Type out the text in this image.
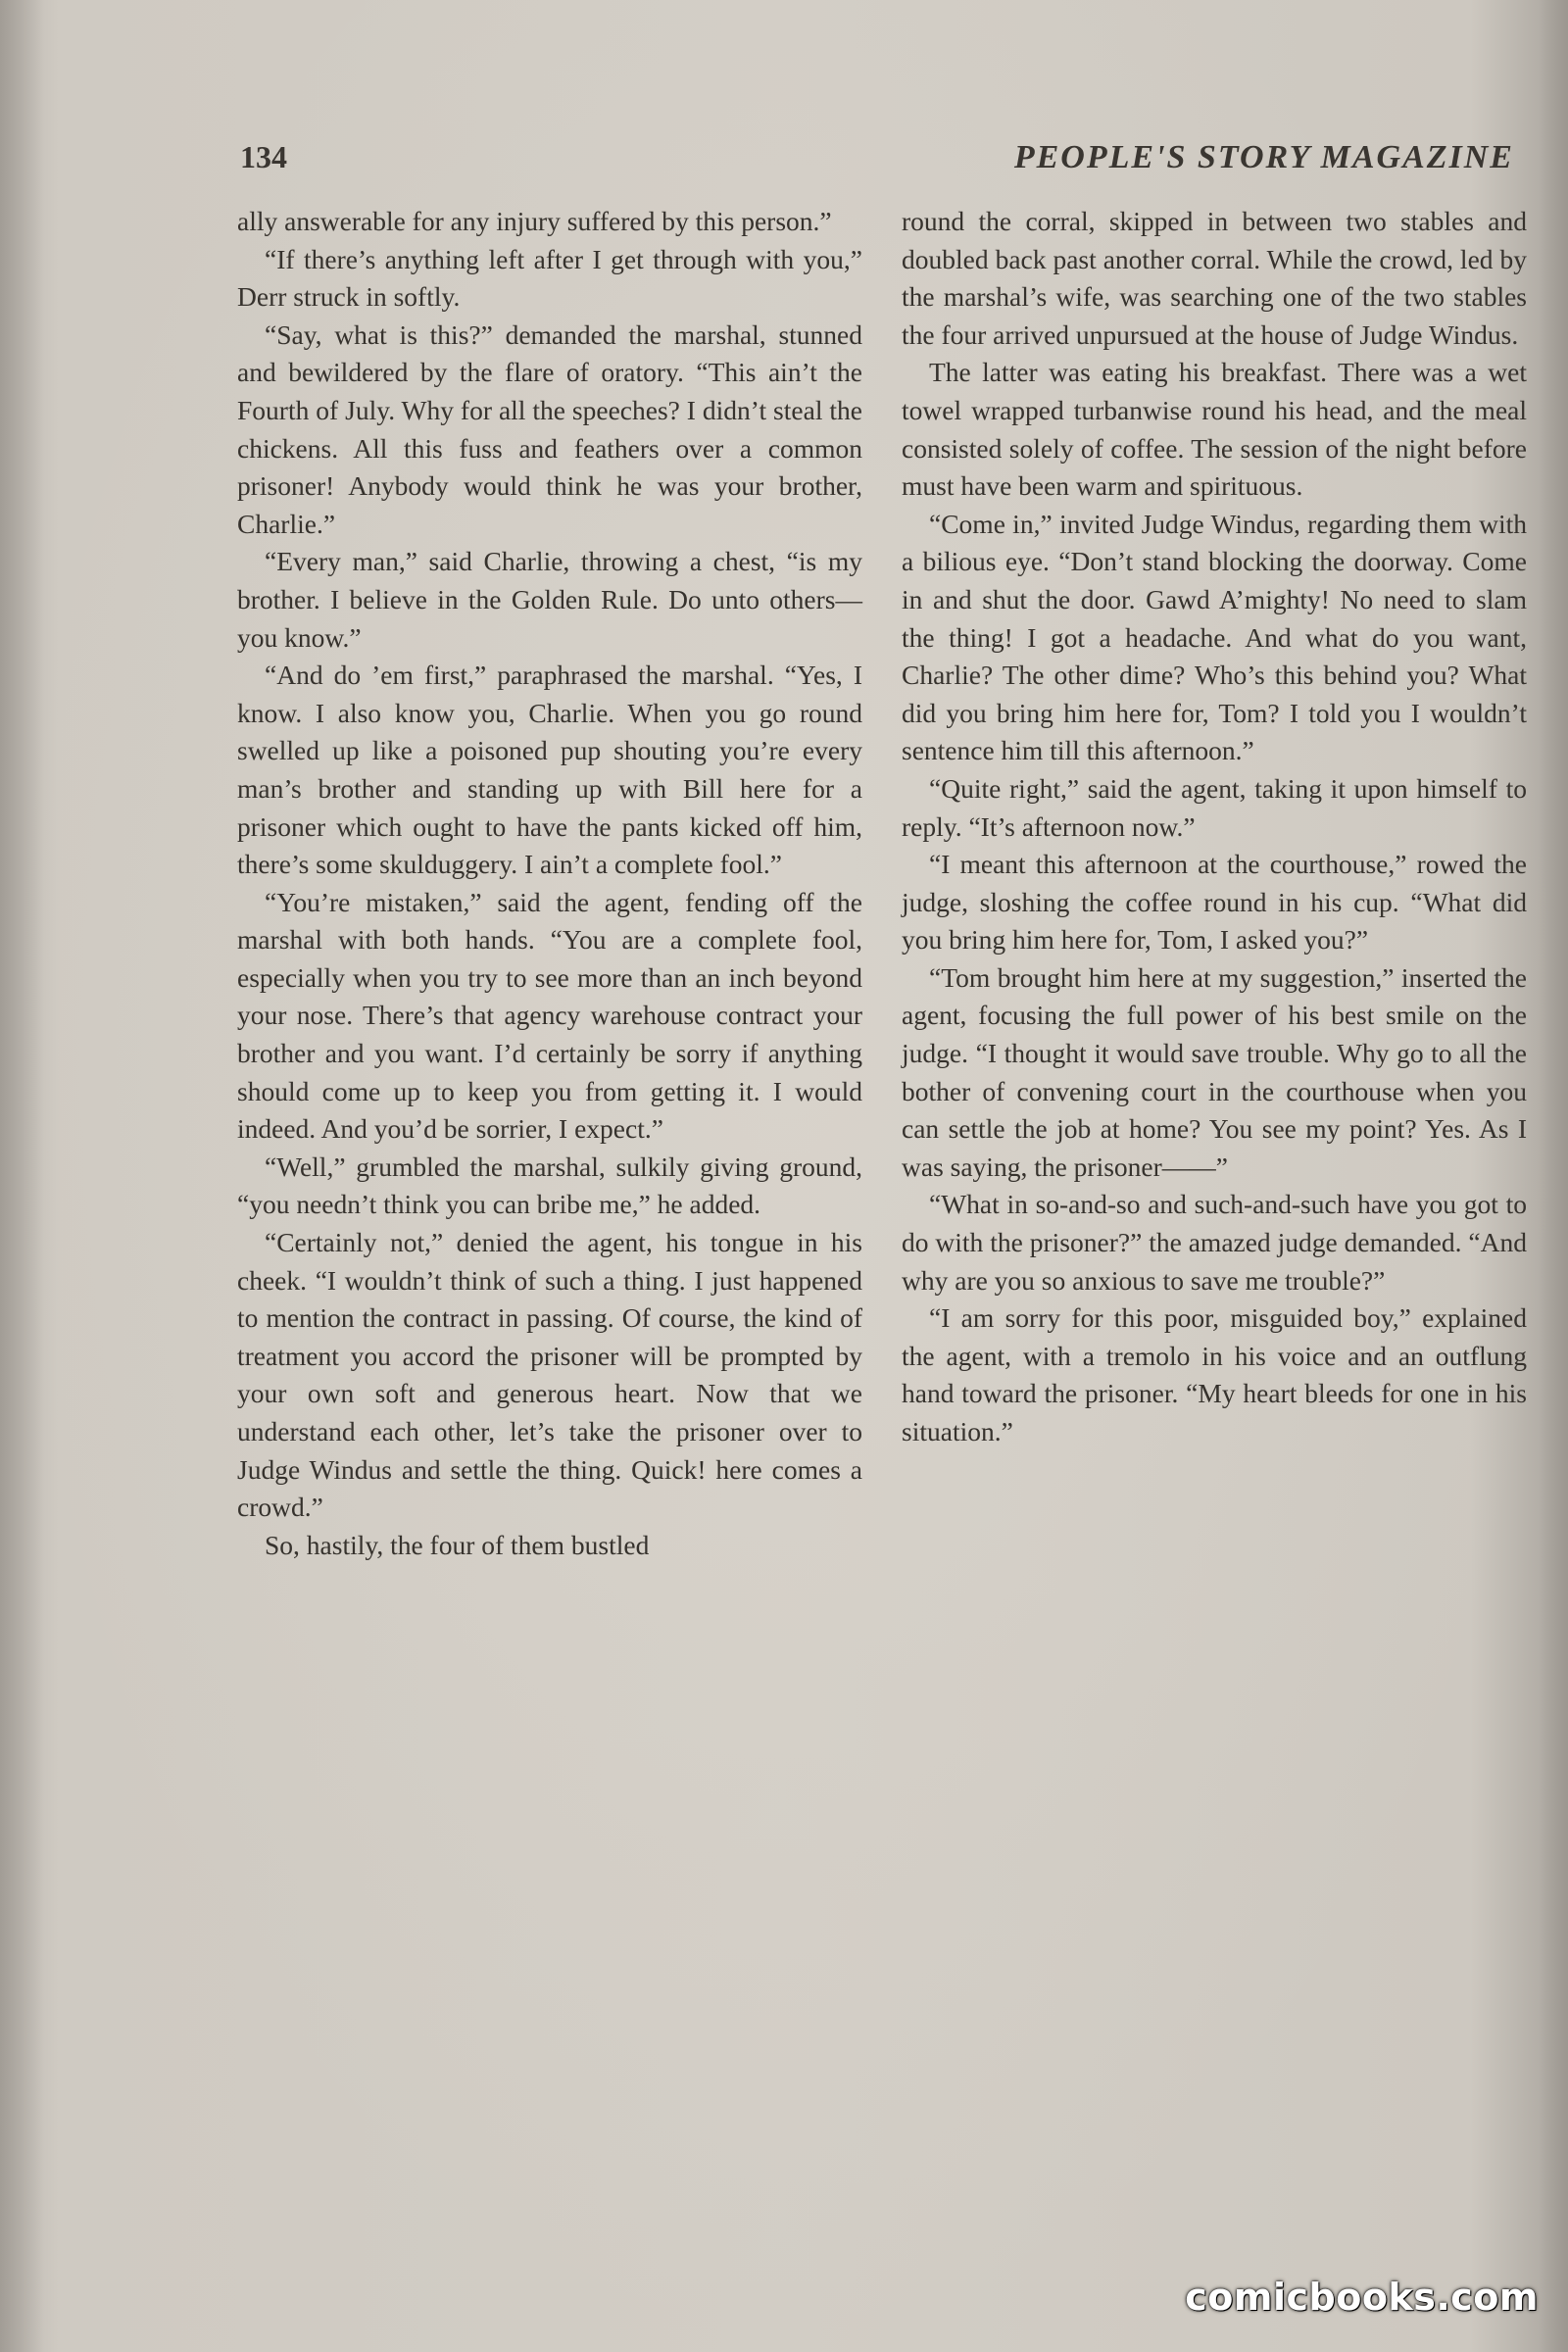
134	PEOPLE'S STORY MAGAZINE

ally answerable for any injury suffered by this person.”

“If there’s anything left after I get through with you,” Derr struck in softly.

“Say, what is this?” demanded the marshal, stunned and bewildered by the flare of oratory. “This ain’t the Fourth of July. Why for all the speeches? I didn’t steal the chickens. All this fuss and feathers over a common prisoner! Anybody would think he was your brother, Charlie.”

“Every man,” said Charlie, throwing a chest, “is my brother. I believe in the Golden Rule. Do unto others—you know.”

“And do ’em first,” paraphrased the marshal. “Yes, I know. I also know you, Charlie. When you go round swelled up like a poisoned pup shouting you’re every man’s brother and standing up with Bill here for a prisoner which ought to have the pants kicked off him, there’s some skulduggery. I ain’t a complete fool.”

“You’re mistaken,” said the agent, fending off the marshal with both hands. “You are a complete fool, especially when you try to see more than an inch beyond your nose. There’s that agency warehouse contract your brother and you want. I’d certainly be sorry if anything should come up to keep you from getting it. I would indeed. And you’d be sorrier, I expect.”

“Well,” grumbled the marshal, sulkily giving ground, “you needn’t think you can bribe me,” he added.

“Certainly not,” denied the agent, his tongue in his cheek. “I wouldn’t think of such a thing. I just happened to mention the contract in passing. Of course, the kind of treatment you accord the prisoner will be prompted by your own soft and generous heart. Now that we understand each other, let’s take the prisoner over to Judge Windus and settle the thing. Quick! here comes a crowd.”

So, hastily, the four of them bustled

round the corral, skipped in between two stables and doubled back past another corral. While the crowd, led by the marshal’s wife, was searching one of the two stables the four arrived unpursued at the house of Judge Windus.

The latter was eating his breakfast. There was a wet towel wrapped turbanwise round his head, and the meal consisted solely of coffee. The session of the night before must have been warm and spirituous.

“Come in,” invited Judge Windus, regarding them with a bilious eye. “Don’t stand blocking the doorway. Come in and shut the door. Gawd A’mighty! No need to slam the thing! I got a headache. And what do you want, Charlie? The other dime? Who’s this behind you? What did you bring him here for, Tom? I told you I wouldn’t sentence him till this afternoon.”

“Quite right,” said the agent, taking it upon himself to reply. “It’s afternoon now.”

“I meant this afternoon at the courthouse,” rowed the judge, sloshing the coffee round in his cup. “What did you bring him here for, Tom, I asked you?”

“Tom brought him here at my suggestion,” inserted the agent, focusing the full power of his best smile on the judge. “I thought it would save trouble. Why go to all the bother of convening court in the courthouse when you can settle the job at home? You see my point? Yes. As I was saying, the prisoner——”

“What in so-and-so and such-and-such have you got to do with the prisoner?” the amazed judge demanded. “And why are you so anxious to save me trouble?”

“I am sorry for this poor, misguided boy,” explained the agent, with a tremolo in his voice and an outflung hand toward the prisoner. “My heart bleeds for one in his situation.”

comicbooks.com
